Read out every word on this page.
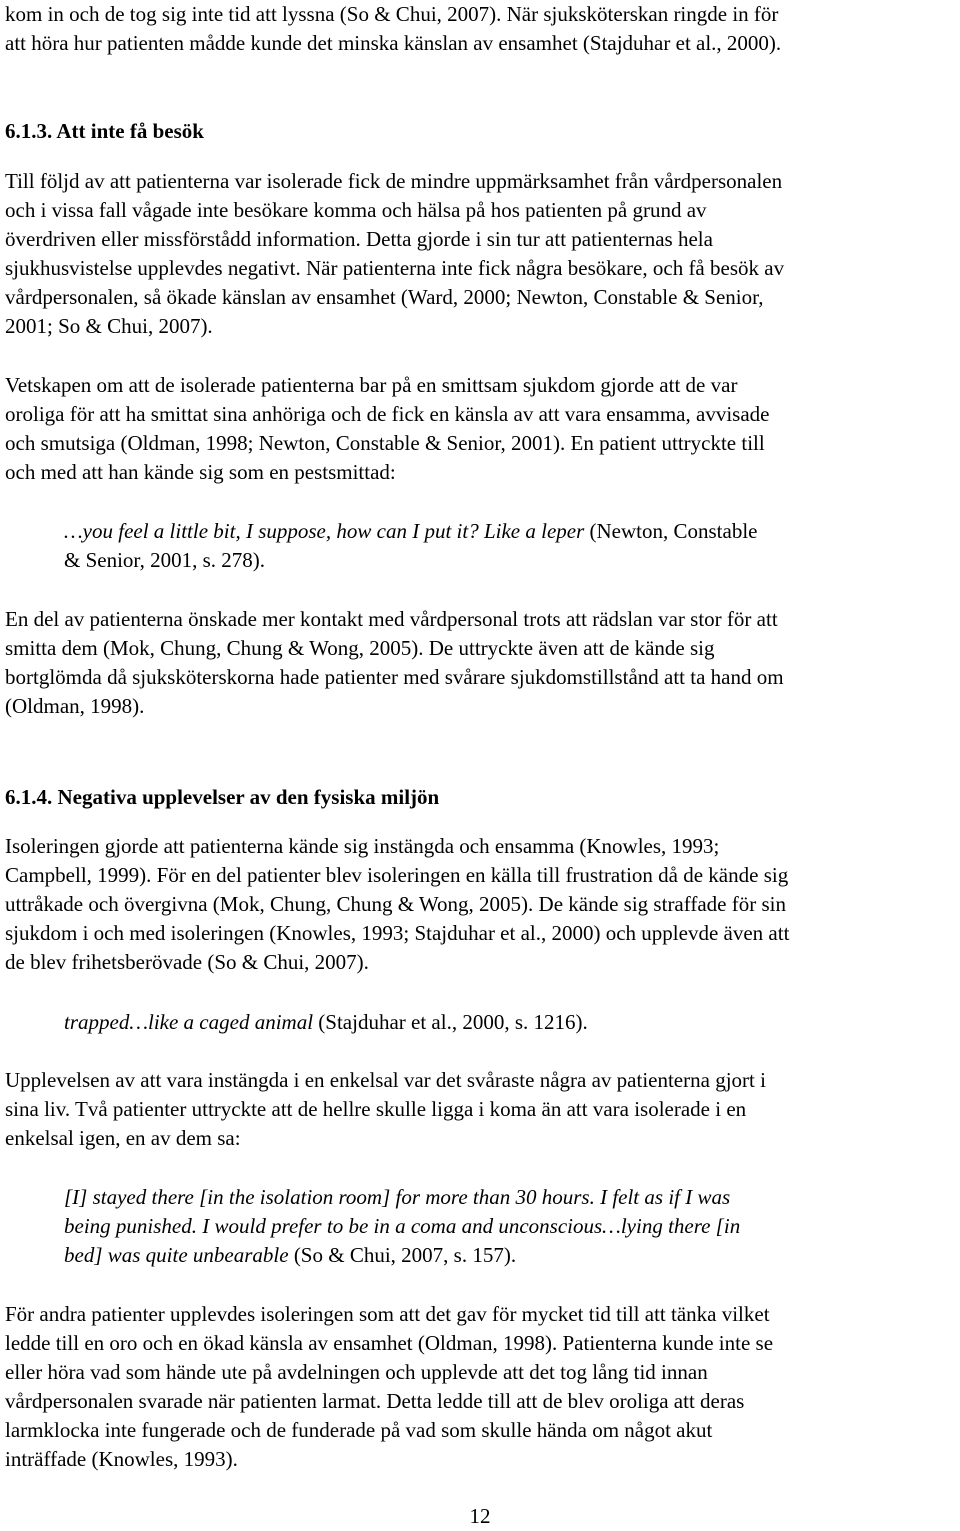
kom in och de tog sig inte tid att lyssna (So & Chui, 2007). När sjuksköterskan ringde in för

att höra hur patienten mådde kunde det minska känslan av ensamhet (Stajduhar et al., 2000).

6.1.3. Att inte få besök

Till följd av att patienterna var isolerade fick de mindre uppmärksamhet från vårdpersonalen

och i vissa fall vågade inte besökare komma och hälsa på hos patienten på grund av

överdriven eller missförstådd information. Detta gjorde i sin tur att patienternas hela

sjukhusvistelse upplevdes negativt. När patienterna inte fick några besökare, och få besök av

vårdpersonalen, så ökade känslan av ensamhet (Ward, 2000; Newton, Constable & Senior,

2001; So & Chui, 2007).

Vetskapen om att de isolerade patienterna bar på en smittsam sjukdom gjorde att de var

oroliga för att ha smittat sina anhöriga och de fick en känsla av att vara ensamma, avvisade

och smutsiga (Oldman, 1998; Newton, Constable & Senior, 2001). En patient uttryckte till

och med att han kände sig som en pestsmittad:

…you feel a little bit, I suppose, how can I put it? Like a leper (Newton, Constable

& Senior, 2001, s. 278).

En del av patienterna önskade mer kontakt med vårdpersonal trots att rädslan var stor för att

smitta dem (Mok, Chung, Chung & Wong, 2005). De uttryckte även att de kände sig

bortglömda då sjuksköterskorna hade patienter med svårare sjukdomstillstånd att ta hand om

(Oldman, 1998).

6.1.4. Negativa upplevelser av den fysiska miljön

Isoleringen gjorde att patienterna kände sig instängda och ensamma (Knowles, 1993;

Campbell, 1999). För en del patienter blev isoleringen en källa till frustration då de kände sig

uttråkade och övergivna (Mok, Chung, Chung & Wong, 2005). De kände sig straffade för sin

sjukdom i och med isoleringen (Knowles, 1993; Stajduhar et al., 2000) och upplevde även att

de blev frihetsberövade (So & Chui, 2007).

trapped…like a caged animal (Stajduhar et al., 2000, s. 1216).

Upplevelsen av att vara instängda i en enkelsal var det svåraste några av patienterna gjort i

sina liv. Två patienter uttryckte att de hellre skulle ligga i koma än att vara isolerade i en

enkelsal igen, en av dem sa:

[I] stayed there [in the isolation room] for more than 30 hours. I felt as if I was

being punished. I would prefer to be in a coma and unconscious…lying there [in

bed] was quite unbearable (So & Chui, 2007, s. 157).

För andra patienter upplevdes isoleringen som att det gav för mycket tid till att tänka vilket

ledde till en oro och en ökad känsla av ensamhet (Oldman, 1998). Patienterna kunde inte se

eller höra vad som hände ute på avdelningen och upplevde att det tog lång tid innan

vårdpersonalen svarade när patienten larmat. Detta ledde till att de blev oroliga att deras

larmklocka inte fungerade och de funderade på vad som skulle hända om något akut

inträffade (Knowles, 1993).

12
